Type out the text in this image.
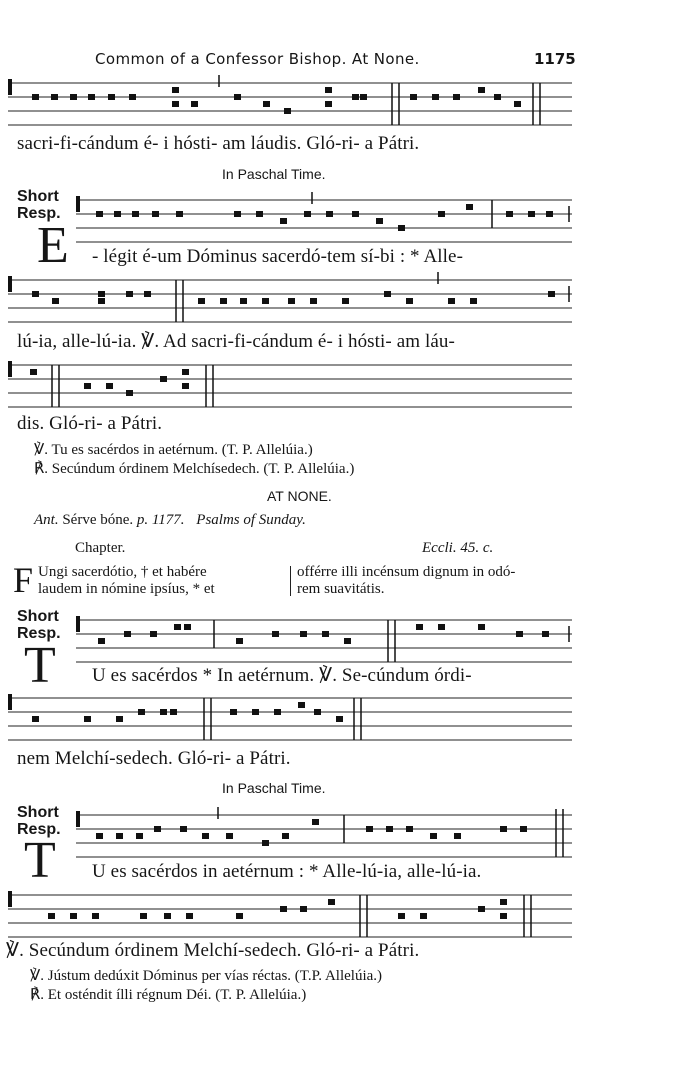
Common of a Confessor Bishop. At None.	1175
sacri-fi-cándum é- i hósti- am láudis. Gló-ri- a Pátri.
In Paschal Time.
Short
Resp.
E - légit é-um Dóminus sacerdó-tem sí-bi : * Alle-
lú-ia, alle-lú-ia. ℣. Ad sacri-fi-cándum é- i hósti- am láu-
dis. Gló-ri- a Pátri.
℣. Tu es sacérdos in aetérnum. (T. P. Allelúia.)
℟. Secúndum órdinem Melchísedech. (T. P. Allelúia.)
AT NONE.
Ant. Sérve bóne. p. 1177. Psalms of Sunday.
Chapter.	Eccli. 45. c.
F Ungi sacerdótio, † et habére
laudem in nómine ipsíus, * et
offérre illi incénsum dignum in odó-
rem suavitátis.
Short
Resp.
T U es sacérdos * In aetérnum. ℣. Se-cúndum órdi-
nem Melchí-sedech. Gló-ri- a Pátri.
In Paschal Time.
Short
Resp.
T U es sacérdos in aetérnum : * Alle-lú-ia, alle-lú-ia.
℣. Secúndum órdinem Melchí-sedech. Gló-ri- a Pátri.
℣. Jústum dedúxit Dóminus per vías réctas. (T.P. Allelúia.)
℟. Et osténdit ílli régnum Déi. (T. P. Allelúia.)
